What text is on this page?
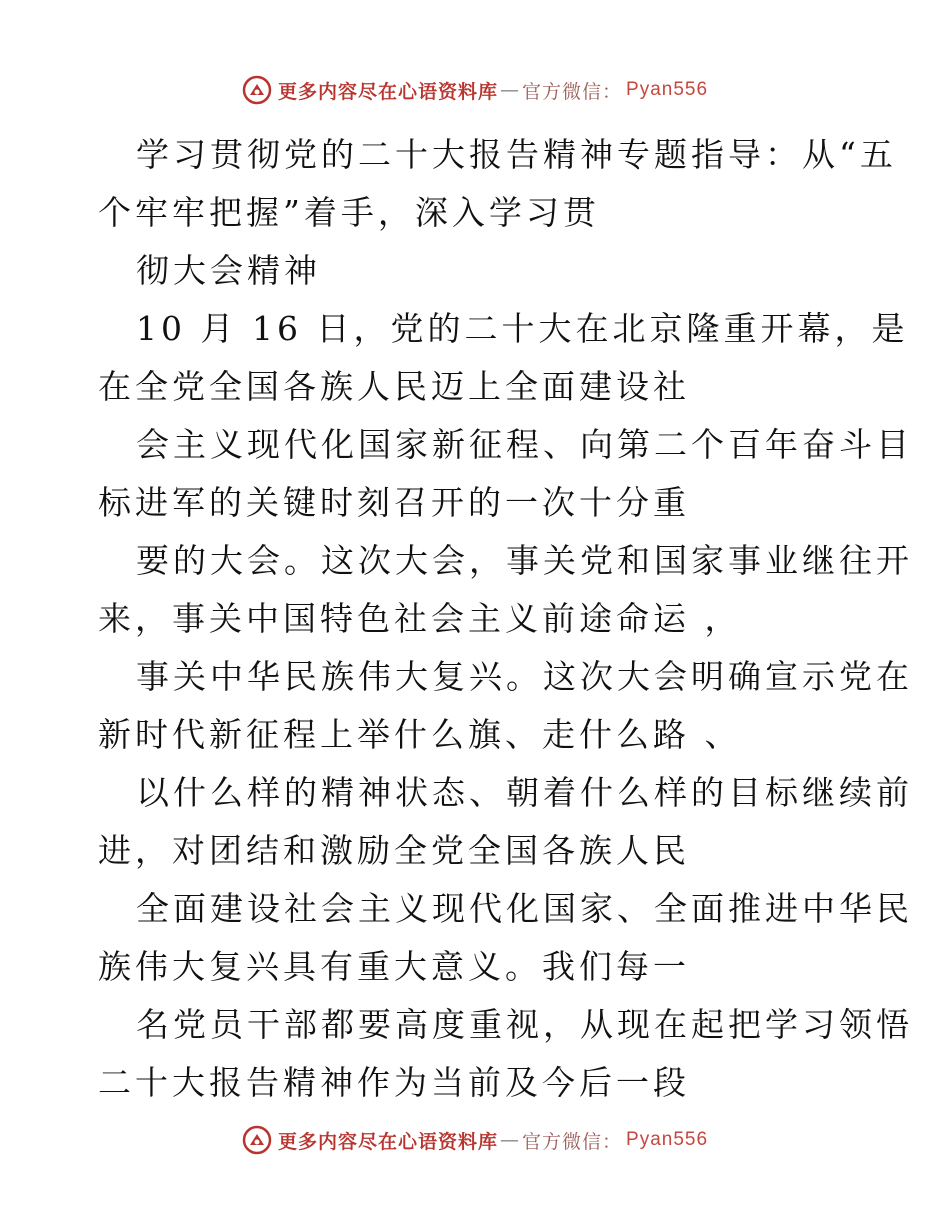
更多内容尽在心语资料库 — 官方微信 ： Pyan556

学习贯彻党的二十大报告精神专题指导：从“五

个牢牢把握”着手，深入学习贯

彻大会精神

10 月 16 日，党的二十大在北京隆重开幕，是

在全党全国各族人民迈上全面建设社

会主义现代化国家新征程、向第二个百年奋斗目

标进军的关键时刻召开的一次十分重

要的大会。这次大会，事关党和国家事业继往开

来，事关中国特色社会主义前途命运 ，

事关中华民族伟大复兴。这次大会明确宣示党在

新时代新征程上举什么旗、走什么路 、

以什么样的精神状态、朝着什么样的目标继续前

进，对团结和激励全党全国各族人民

全面建设社会主义现代化国家、全面推进中华民

族伟大复兴具有重大意义。我们每一

名党员干部都要高度重视，从现在起把学习领悟

二十大报告精神作为当前及今后一段

更多内容尽在心语资料库 — 官方微信 ： Pyan556
